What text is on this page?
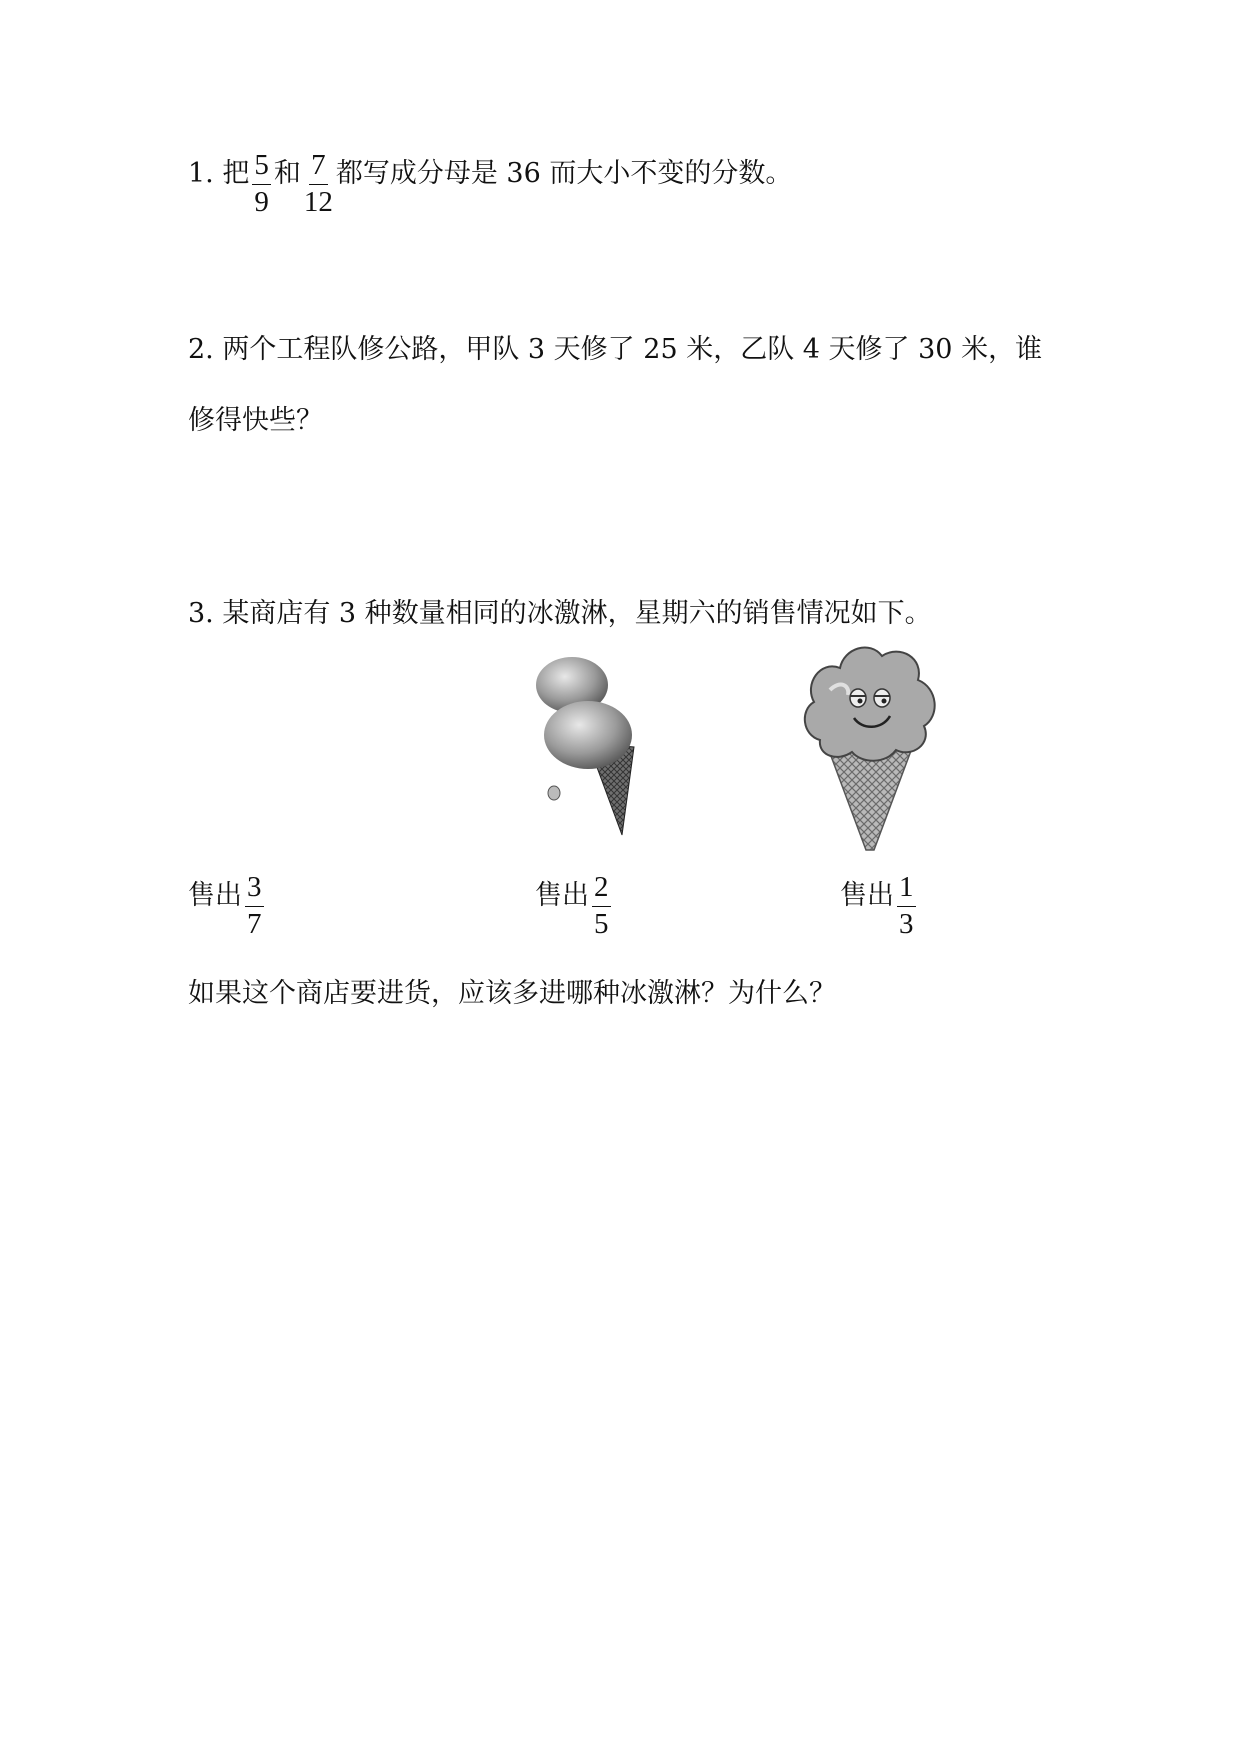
1. 把 $\frac{5}{9}$ 和 $\frac{7}{12}$ 都写成分母是 36 而大小不变的分数。
2. 两个工程队修公路，甲队 3 天修了 25 米，乙队 4 天修了 30 米，谁
修得快些？
3. 某商店有 3 种数量相同的冰激淋，星期六的销售情况如下。
售出 $\frac{3}{7}$	售出 $\frac{2}{5}$	售出 $\frac{1}{3}$
如果这个商店要进货，应该多进哪种冰激淋？为什么？
